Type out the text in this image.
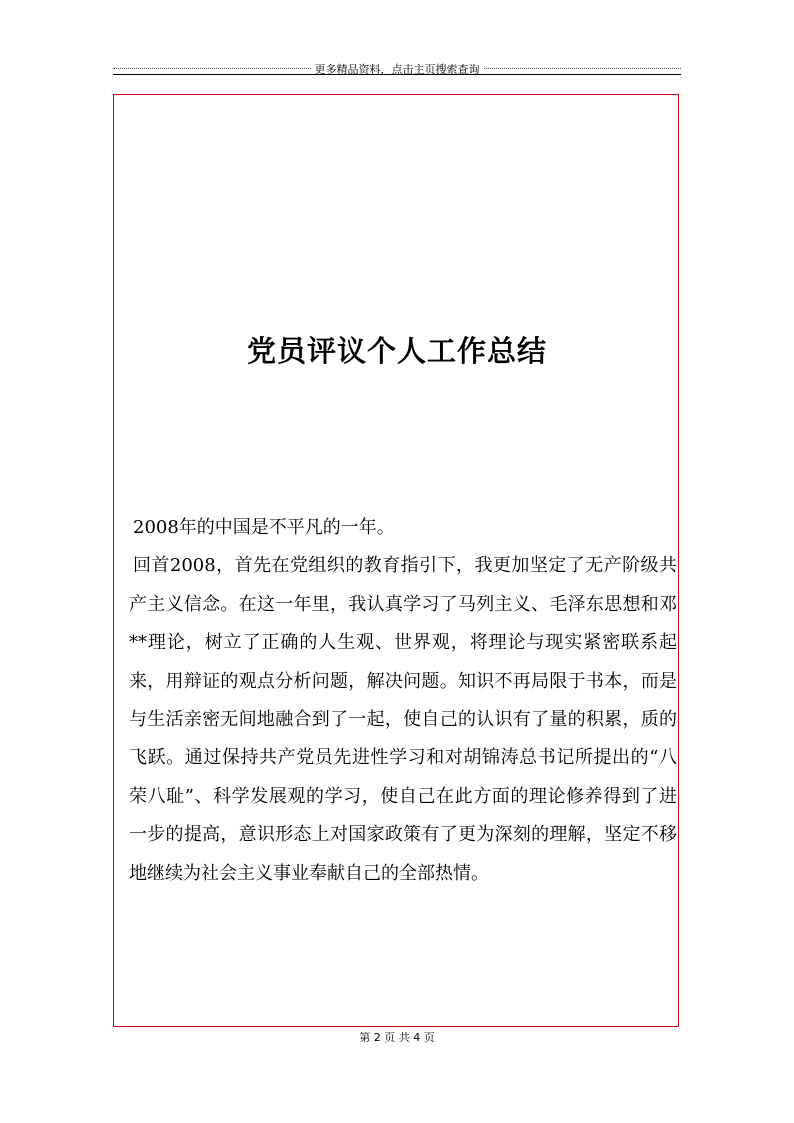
更多精品资料，点击主页搜索查询
党员评议个人工作总结

2008年的中国是不平凡的一年。

回首2008，首先在党组织的教育指引下，我更加坚定了无产阶级共产主义信念。在这一年里，我认真学习了马列主义、毛泽东思想和邓**理论，树立了正确的人生观、世界观，将理论与现实紧密联系起来，用辩证的观点分析问题，解决问题。知识不再局限于书本，而是与生活亲密无间地融合到了一起，使自己的认识有了量的积累，质的飞跃。通过保持共产党员先进性学习和对胡锦涛总书记所提出的“八荣八耻”、科学发展观的学习，使自己在此方面的理论修养得到了进一步的提高，意识形态上对国家政策有了更为深刻的理解，坚定不移地继续为社会主义事业奉献自己的全部热情。

第 2 页 共 4 页
